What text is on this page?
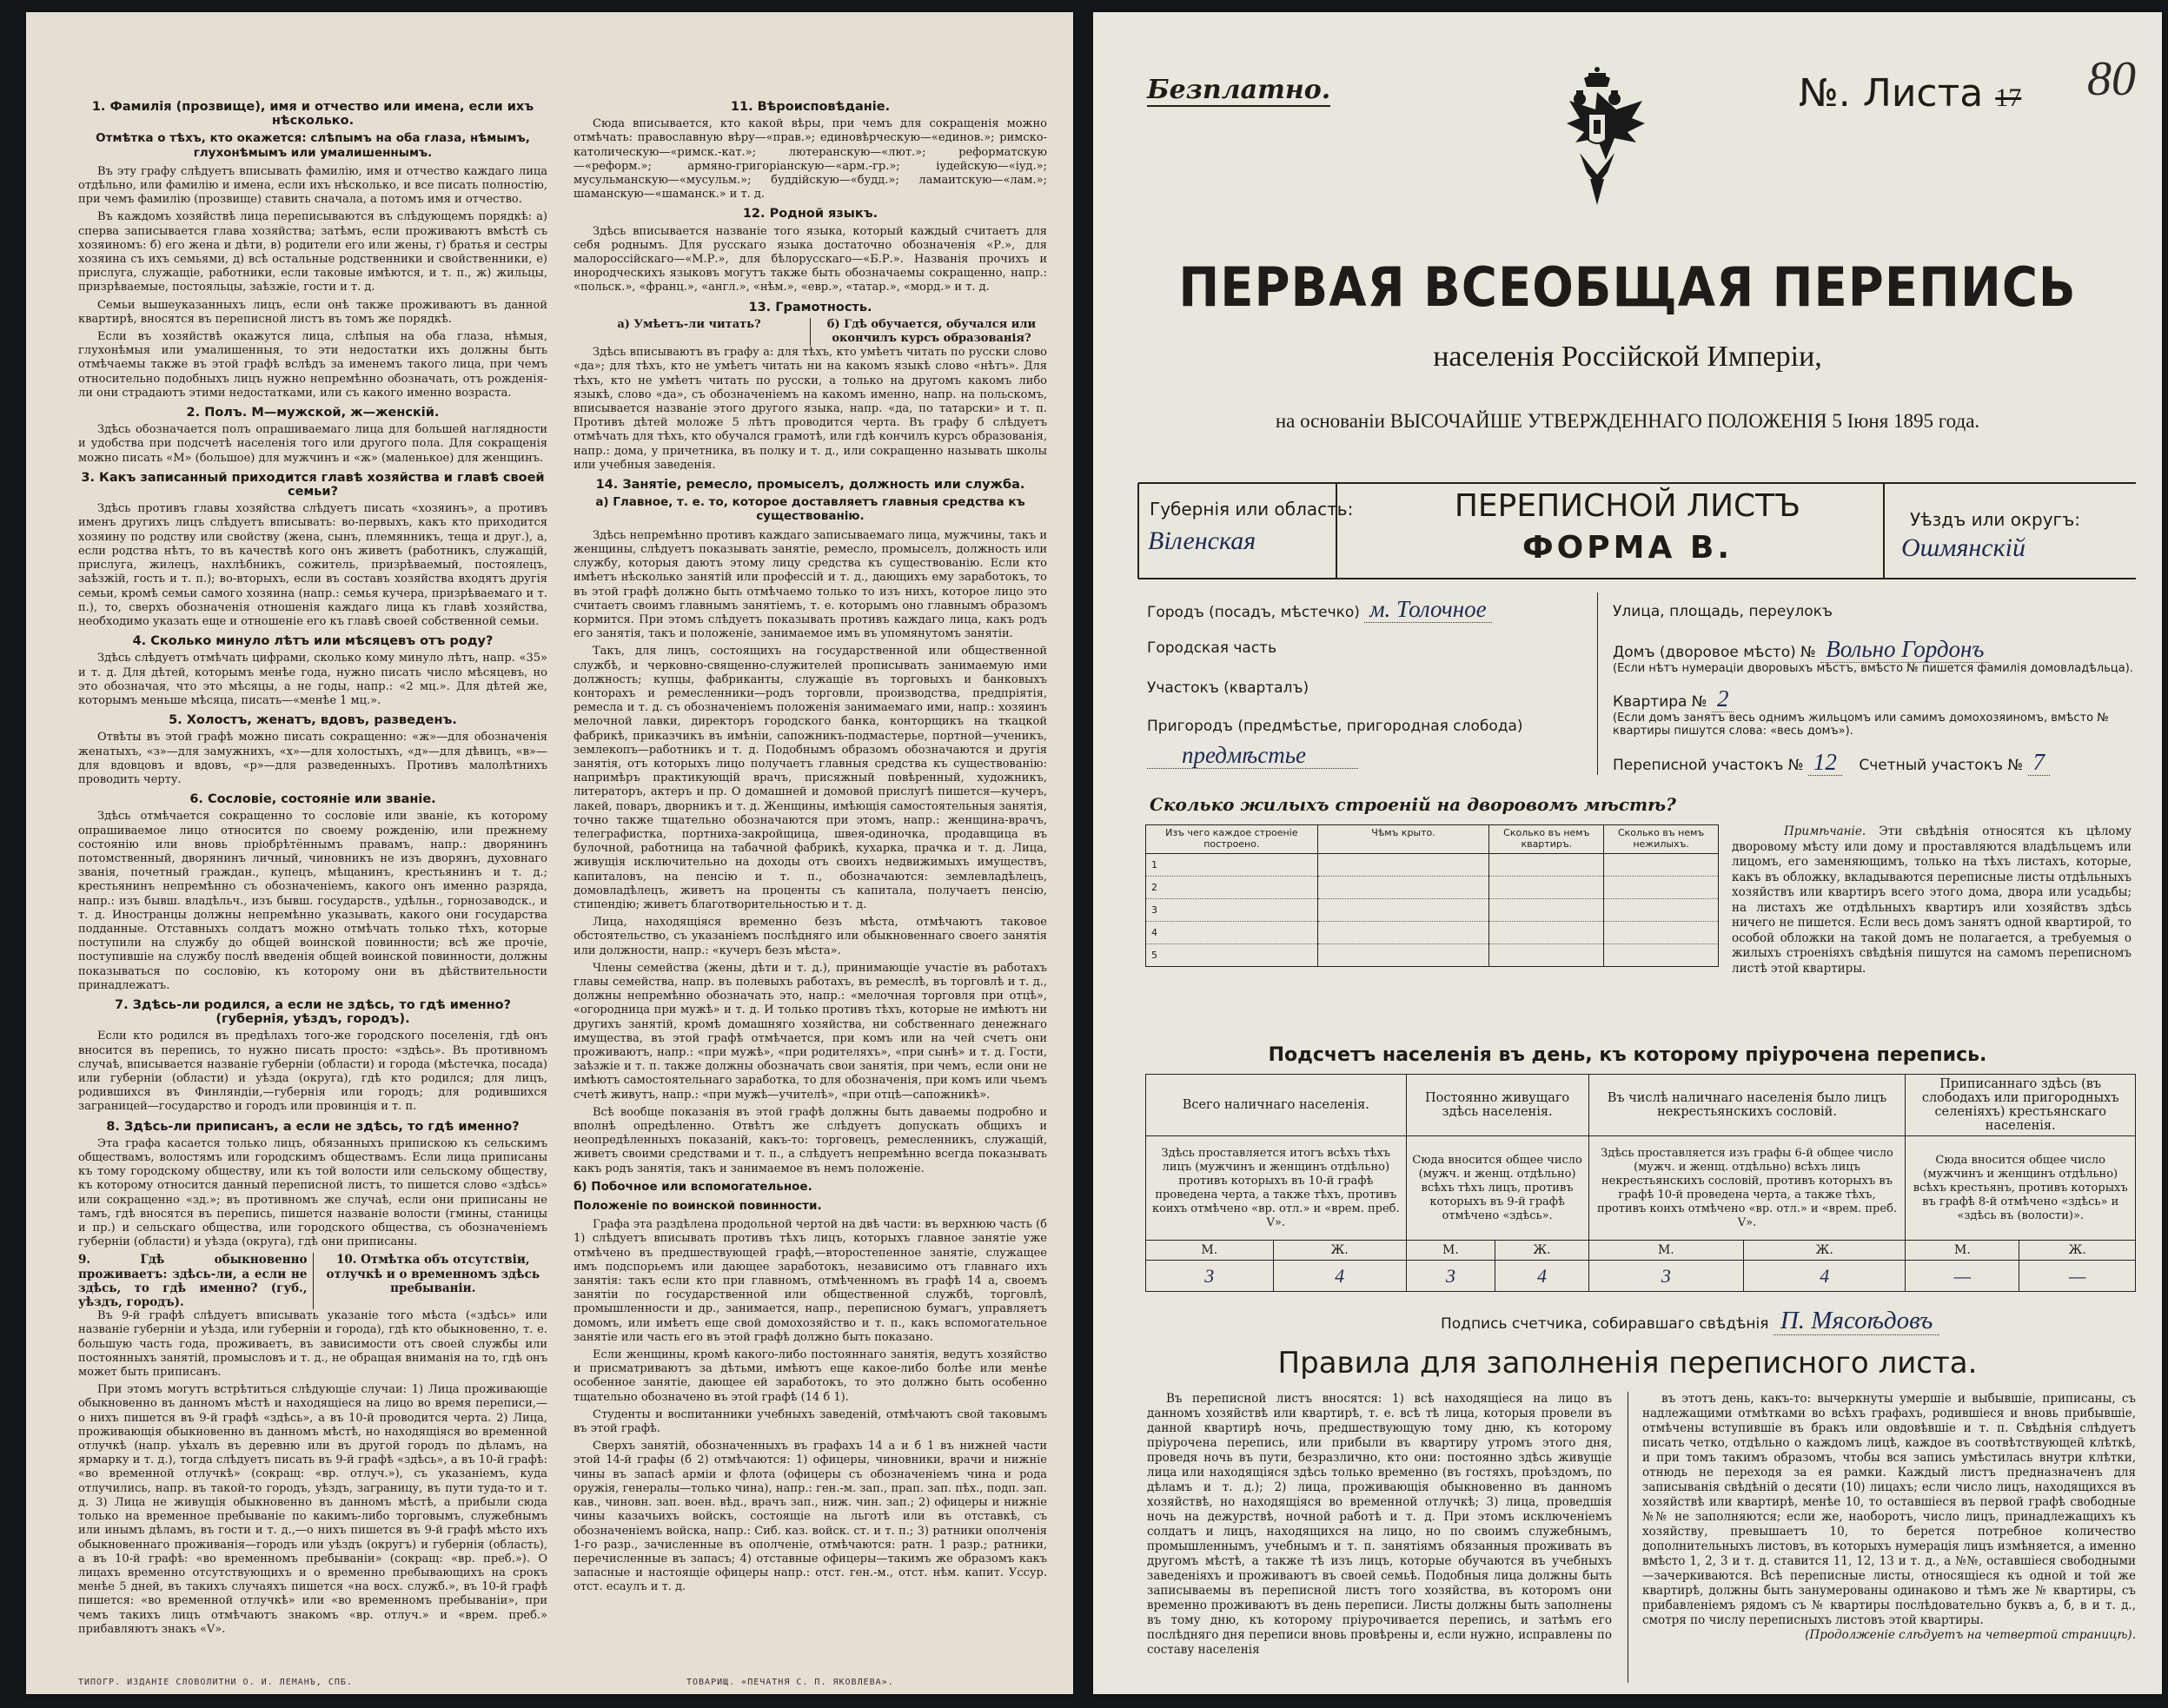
1. Фамилія (прозвище), имя и отчество или имена, если ихъ нѣсколько.
Отмѣтка о тѣхъ, кто окажется: слѣпымъ на оба глаза, нѣмымъ, глухонѣмымъ или умалишеннымъ.

Въ эту графу слѣдуетъ вписывать фамилію, имя и отчество каждаго лица отдѣльно, или фамилію и имена, если ихъ нѣсколько, и все писать полностію, при чемъ фамилію (прозвище) ставить сначала, а потомъ имя и отчество.

Въ каждомъ хозяйствѣ лица переписываются въ слѣдующемъ порядкѣ: а) сперва записывается глава хозяйства; затѣмъ, если проживаютъ вмѣстѣ съ хозяиномъ: б) его жена и дѣти, в) родители его или жены, г) братья и сестры хозяина съ ихъ семьями, д) всѣ остальные родственники и свойственники, е) прислуга, служащіе, работники, если таковые имѣются, и т. п., ж) жильцы, призрѣваемые, постояльцы, заѣзжіе, гости и т. д.

Семьи вышеуказанныхъ лицъ, если онѣ также проживаютъ въ данной квартирѣ, вносятся въ переписной листъ въ томъ же порядкѣ.

Если въ хозяйствѣ окажутся лица, слѣпыя на оба глаза, нѣмыя, глухонѣмыя или умалишенныя, то эти недостатки ихъ должны быть отмѣчаемы также въ этой графѣ вслѣдъ за именемъ такого лица, при чемъ относительно подобныхъ лицъ нужно непремѣнно обозначать, отъ рожденія-ли они страдаютъ этими недостатками, или съ какого именно возраста.

2. Полъ. М—мужской, ж—женскій.

Здѣсь обозначается полъ опрашиваемаго лица для большей наглядности и удобства при подсчетѣ населенія того или другого пола. Для сокращенія можно писать «М» (большое) для мужчинъ и «ж» (маленькое) для женщинъ.

3. Какъ записанный приходится главѣ хозяйства и главѣ своей семьи?

Здѣсь противъ главы хозяйства слѣдуетъ писать «хозяинъ», а противъ именъ другихъ лицъ слѣдуетъ вписывать: во-первыхъ, какъ кто приходится хозяину по родству или свойству (жена, сынъ, племянникъ, теща и друг.), а, если родства нѣтъ, то въ качествѣ кого онъ живетъ (работникъ, служащій, прислуга, жилецъ, нахлѣбникъ, сожитель, призрѣваемый, постоялецъ, заѣзжій, гость и т. п.); во-вторыхъ, если въ составъ хозяйства входятъ другія семьи, кромѣ семьи самого хозяина (напр.: семья кучера, призрѣваемаго и т. п.), то, сверхъ обозначенія отношенія каждаго лица къ главѣ хозяйства, необходимо указать еще и отношеніе его къ главѣ своей собственной семьи.

4. Сколько минуло лѣтъ или мѣсяцевъ отъ роду?

Здѣсь слѣдуетъ отмѣчать цифрами, сколько кому минуло лѣтъ, напр. «35» и т. д. Для дѣтей, которымъ менѣе года, нужно писать число мѣсяцевъ, но это обозначая, что это мѣсяцы, а не годы, напр.: «2 мц.». Для дѣтей же, которымъ меньше мѣсяца, писать—«менѣе 1 мц.».

5. Холостъ, женатъ, вдовъ, разведенъ.

Отвѣты въ этой графѣ можно писать сокращенно: «ж»—для обозначенія женатыхъ, «з»—для замужнихъ, «х»—для холостыхъ, «д»—для дѣвицъ, «в»—для вдовцовъ и вдовъ, «р»—для разведенныхъ. Противъ малолѣтнихъ проводить черту.

6. Сословіе, состояніе или званіе.

Здѣсь отмѣчается сокращенно то сословіе или званіе, къ которому опрашиваемое лицо относится по своему рожденію, или прежнему состоянію или вновь пріобрѣтённымъ правамъ, напр.: дворянинъ потомственный, дворянинъ личный, чиновникъ не изъ дворянъ, духовнаго званія, почетный граждан., купецъ, мѣщанинъ, крестьянинъ и т. д.; крестьянинъ непремѣнно съ обозначеніемъ, какого онъ именно разряда, напр.: изъ бывш. владѣльч., изъ бывш. государств., удѣльн., горнозаводск., и т. д. Иностранцы должны непремѣнно указывать, какого они государства подданные. Отставныхъ солдатъ можно отмѣчать только тѣхъ, которые поступили на службу до общей воинской повинности; всѣ же прочіе, поступившіе на службу послѣ введенія общей воинской повинности, должны показываться по сословію, къ которому они въ дѣйствительности принадлежатъ.

7. Здѣсь-ли родился, а если не здѣсь, то гдѣ именно? (губернія, уѣздъ, городъ).

Если кто родился въ предѣлахъ того-же городского поселенія, гдѣ онъ вносится въ перепись, то нужно писать просто: «здѣсь». Въ противномъ случаѣ, вписывается названіе губерніи (области) и города (мѣстечка, посада) или губерніи (области) и уѣзда (округа), гдѣ кто родился; для лицъ, родившихся въ Финляндіи,—губернія или городъ; для родившихся заграницей—государство и городъ или провинція и т. п.

8. Здѣсь-ли приписанъ, а если не здѣсь, то гдѣ именно?

Эта графа касается только лицъ, обязанныхъ припискою къ сельскимъ обществамъ, волостямъ или городскимъ обществамъ. Если лица приписаны къ тому городскому обществу, или къ той волости или сельскому обществу, къ которому относится данный переписной листъ, то пишется слово «здѣсь» или сокращенно «зд.»; въ противномъ же случаѣ, если они приписаны не тамъ, гдѣ вносятся въ перепись, пишется названіе волости (гмины, станицы и пр.) и сельскаго общества, или городского общества, съ обозначеніемъ губерніи (области) и уѣзда (округа), гдѣ они приписаны.

9. Гдѣ обыкновенно проживаетъ: здѣсь-ли, а если не здѣсь, то гдѣ именно? (губ., уѣздъ, городъ).
10. Отмѣтка объ отсутствіи, отлучкѣ и о временномъ здѣсь пребываніи.

Въ 9-й графѣ слѣдуетъ вписывать указаніе того мѣста («здѣсь» или названіе губерніи и уѣзда, или губерніи и города), гдѣ кто обыкновенно, т. е. большую часть года, проживаетъ, въ зависимости отъ своей службы или постоянныхъ занятій, промысловъ и т. д., не обращая вниманія на то, гдѣ онъ может быть приписанъ.

При этомъ могутъ встрѣтиться слѣдующіе случаи: 1) Лица проживающіе обыкновенно въ данномъ мѣстѣ и находящіеся на лицо во время переписи,—о нихъ пишется въ 9-й графѣ «здѣсь», а въ 10-й проводится черта. 2) Лица, проживающія обыкновенно въ данномъ мѣстѣ, но находящіяся во временной отлучкѣ (напр. уѣхалъ въ деревню или въ другой городъ по дѣламъ, на ярмарку и т. д.), тогда слѣдуетъ писать въ 9-й графѣ «здѣсь», а въ 10-й графѣ: «во временной отлучкѣ» (сокращ: «вр. отлуч.»), съ указаніемъ, куда отлучились, напр. въ такой-то городъ, уѣздъ, заграницу, въ пути туда-то и т. д. 3) Лица не живущія обыкновенно въ данномъ мѣстѣ, а прибыли сюда только на временное пребываніе по какимъ-либо торговымъ, служебнымъ или инымъ дѣламъ, въ гости и т. д.,—о нихъ пишется въ 9-й графѣ мѣсто ихъ обыкновеннаго проживанія—городъ или уѣздъ (округъ) и губернія (область), а въ 10-й графѣ: «во временномъ пребываніи» (сокращ: «вр. преб.»). О лицахъ временно отсутствующихъ и о временно пребывающихъ на срокъ менѣе 5 дней, въ такихъ случаяхъ пишется «на восх. служб.», въ 10-й графѣ пишется: «во временной отлучкѣ» или «во временномъ пребываніи», при чемъ такихъ лицъ отмѣчаютъ знакомъ «вр. отлуч.» и «врем. преб.» прибавляютъ знакъ «V».

11. Вѣроисповѣданіе.

Сюда вписывается, кто какой вѣры, при чемъ для сокращенія можно отмѣчать: православную вѣру—«прав.»; единовѣрческую—«единов.»; римско-католическую—«римск.-кат.»; лютеранскую—«лют.»; реформатскую—«реформ.»; армяно-григоріанскую—«арм.-гр.»; іудейскую—«іуд.»; мусульманскую—«мусульм.»; буддійскую—«будд.»; ламаитскую—«лам.»; шаманскую—«шаманск.» и т. д.

12. Родной языкъ.

Здѣсь вписывается названіе того языка, который каждый считаетъ для себя роднымъ. Для русскаго языка достаточно обозначенія «Р.», для малороссійскаго—«М.Р.», для бѣлорусскаго—«Б.Р.». Названія прочихъ и инородческихъ языковъ могутъ также быть обозначаемы сокращенно, напр.: «польск.», «франц.», «англ.», «нѣм.», «евр.», «татар.», «морд.» и т. д.

13. Грамотность.
а) Умѣетъ-ли читать?	б) Гдѣ обучается, обучался или окончилъ курсъ образованія?

Здѣсь вписываютъ въ графу а: для тѣхъ, кто умѣетъ читать по русски слово «да»; для тѣхъ, кто не умѣетъ читать ни на какомъ языкѣ слово «нѣтъ». Для тѣхъ, кто не умѣетъ читать по русски, а только на другомъ какомъ либо языкѣ, слово «да», съ обозначеніемъ на какомъ именно, напр. на польскомъ, вписывается названіе этого другого языка, напр. «да, по татарски» и т. п. Противъ дѣтей моложе 5 лѣтъ проводится черта. Въ графу б слѣдуетъ отмѣчать для тѣхъ, кто обучался грамотѣ, или гдѣ кончилъ курсъ образованія, напр.: дома, у причетника, въ полку и т. д., или сокращенно называть школы или учебныя заведенія.

14. Занятіе, ремесло, промыселъ, должность или служба.
а) Главное, т. е. то, которое доставляетъ главныя средства къ существованію.

Здѣсь непремѣнно противъ каждаго записываемаго лица, мужчины, такъ и женщины, слѣдуетъ показывать занятіе, ремесло, промыселъ, должность или службу, которыя даютъ этому лицу средства къ существованію. Если кто имѣетъ нѣсколько занятій или профессій и т. д., дающихъ ему заработокъ, то въ этой графѣ должно быть отмѣчаемо только то изъ нихъ, которое лицо это считаетъ своимъ главнымъ занятіемъ, т. е. которымъ оно главнымъ образомъ кормится. При этомъ слѣдуетъ показывать противъ каждаго лица, какъ родъ его занятія, такъ и положеніе, занимаемое имъ въ упомянутомъ занятіи.

Такъ, для лицъ, состоящихъ на государственной или общественной службѣ, и черковно-священно-служителей прописывать занимаемую ими должность; купцы, фабриканты, служащіе въ торговыхъ и банковыхъ конторахъ и ремесленники—родъ торговли, производства, предпріятія, ремесла и т. д. съ обозначеніемъ положенія занимаемаго ими, напр.: хозяинъ мелочной лавки, директоръ городского банка, конторщикъ на ткацкой фабрикѣ, приказчикъ въ имѣніи, сапожникъ-подмастерье, портной—ученикъ, землекопъ—работникъ и т. д. Подобнымъ образомъ обозначаются и другія занятія, отъ которыхъ лицо получаетъ главныя средства къ существованію: напримѣръ практикующій врачъ, присяжный повѣренный, художникъ, литераторъ, актеръ и пр. О домашней и домовой прислугѣ пишется—кучеръ, лакей, поваръ, дворникъ и т. д. Женщины, имѣющія самостоятельныя занятія, точно также тщательно обозначаются при этомъ, напр.: женщина-врачъ, телеграфистка, портниха-закройщица, швея-одиночка, продавщица въ булочной, работница на табачной фабрикѣ, кухарка, прачка и т. д. Лица, живущія исключительно на доходы отъ своихъ недвижимыхъ имуществъ, капиталовъ, на пенсію и т. п., обозначаются: землевладѣлецъ, домовладѣлецъ, живетъ на проценты съ капитала, получаетъ пенсію, стипендію; живетъ благотворительностью и т. д.

Лица, находящіяся временно безъ мѣста, отмѣчаютъ таковое обстоятельство, съ указаніемъ послѣдняго или обыкновеннаго своего занятія или должности, напр.: «кучеръ безъ мѣста».

Члены семейства (жены, дѣти и т. д.), принимающіе участіе въ работахъ главы семейства, напр. въ полевыхъ работахъ, въ ремеслѣ, въ торговлѣ и т. д., должны непремѣнно обозначать это, напр.: «мелочная торговля при отцѣ», «огородница при мужѣ» и т. д. И только противъ тѣхъ, которые не имѣютъ ни другихъ занятій, кромѣ домашняго хозяйства, ни собственнаго денежнаго имущества, въ этой графѣ отмѣчается, при комъ или на чей счетъ они проживаютъ, напр.: «при мужѣ», «при родителяхъ», «при сынѣ» и т. д. Гости, заѣзжіе и т. п. также должны обозначать свои занятія, при чемъ, если они не имѣютъ самостоятельнаго заработка, то для обозначенія, при комъ или чьемъ счетѣ живутъ, напр.: «при мужѣ—учителѣ», «при отцѣ—сапожникѣ».

Всѣ вообще показанія въ этой графѣ должны быть даваемы подробно и вполнѣ опредѣленно. Отвѣтъ же слѣдуетъ допускать общихъ и неопредѣленныхъ показаній, какъ-то: торговецъ, ремесленникъ, служащій, живетъ своими средствами и т. п., а слѣдуетъ непремѣнно всегда показывать какъ родъ занятія, такъ и занимаемое въ немъ положеніе.

б) Побочное или вспомогательное.
Положеніе по воинской повинности.

Графа эта раздѣлена продольной чертой на двѣ части: въ верхнюю часть (б 1) слѣдуетъ вписывать противъ тѣхъ лицъ, которыхъ главное занятіе уже отмѣчено въ предшествующей графѣ,—второстепенное занятіе, служащее имъ подспорьемъ или дающее заработокъ, независимо отъ главнаго ихъ занятія: такъ если кто при главномъ, отмѣченномъ въ графѣ 14 а, своемъ занятіи по государственной или общественной службѣ, торговлѣ, промышленности и др., занимается, напр., переписною бумагъ, управляетъ домомъ, или имѣетъ еще свой домохозяйство и т. п., какъ вспомогательное занятіе или часть его въ этой графѣ должно быть показано.

Если женщины, кромѣ какого-либо постояннаго занятія, ведутъ хозяйство и присматриваютъ за дѣтьми, имѣютъ еще какое-либо болѣе или менѣе особенное занятіе, дающее ей заработокъ, то это должно быть особенно тщательно обозначено въ этой графѣ (14 б 1).

Студенты и воспитанники учебныхъ заведеній, отмѣчаютъ свой таковымъ въ этой графѣ.

Сверхъ занятій, обозначенныхъ въ графахъ 14 а и б 1 въ нижней части этой 14-й графы (б 2) отмѣчаются: 1) офицеры, чиновники, врачи и нижніе чины въ запасѣ арміи и флота (офицеры съ обозначеніемъ чина и рода оружія, генералы—только чина), напр.: ген.-м. зап., прап. зап. пѣх., подп. зап. кав., чиновн. зап. воен. вѣд., врачъ зап., ниж. чин. зап.; 2) офицеры и нижніе чины казачьихъ войскъ, состоящіе на льготѣ или въ отставкѣ, съ обозначеніемъ войска, напр.: Сиб. каз. войск. ст. и т. п.; 3) ратники ополченія 1-го разр., зачисленные въ ополченіе, отмѣчаются: ратн. 1 разр.; ратники, перечисленные въ запасъ; 4) отставные офицеры—такимъ же образомъ какъ запасные и настоящіе офицеры напр.: отст. ген.-м., отст. нѣм. капит. Уссур. отст. есаулъ и т. д.

ТИПОГР. ИЗДАНІЕ СЛОВОЛИТНИ О. И. ЛЕМАНЪ, СПБ.	ТОВАРИЩ. «ПЕЧАТНЯ С. П. ЯКОВЛЕВА».
Безплатно.	№. Листа 17 80
ПЕРВАЯ ВСЕОБЩАЯ ПЕРЕПИСЬ
населенія Россійской Имперіи,
на основаніи ВЫСОЧАЙШЕ УТВЕРЖДЕННАГО ПОЛОЖЕНІЯ 5 Іюня 1895 года.
Губернія или область:
Віленская
ПЕРЕПИСНОЙ ЛИСТЪ
ФОРМА В.
Уѣздъ или округъ:
Ошмянскій
Городъ (посадъ, мѣстечко) м. Толочное
Городская часть
Участокъ (кварталъ)
Пригородъ (предмѣстье, пригородная слобода)
предмѣстье
Улица, площадь, переулокъ
Домъ (дворовое мѣсто) № Вольно Гордонъ
(Если нѣтъ нумераціи дворовыхъ мѣстъ, вмѣсто № пишется фамилія домовладѣльца).
Квартира № 2
(Если домъ занятъ весь однимъ жильцомъ или самимъ домохозяиномъ, вмѣсто № квартиры пишутся слова: «весь домъ»).
Переписной участокъ № 12 Счетный участокъ № 7
Сколько жилыхъ строеній на дворовомъ мѣстѣ?
Изъ чего каждое строеніе построено.	Чѣмъ крыто.	Сколько въ немъ квартиръ.	Сколько въ немъ нежилыхъ.
1			
2			
3			
4			
5			
Примѣчаніе. Эти свѣдѣнія относятся къ цѣлому дворовому мѣсту или дому и проставляются владѣльцемъ или лицомъ, его заменяющимъ, только на тѣхъ листахъ, которые, какъ въ обложку, вкладываются переписные листы отдѣльныхъ хозяйствъ или квартиръ всего этого дома, двора или усадьбы; на листахъ же отдѣльныхъ квартиръ или хозяйствъ здѣсь ничего не пишется. Если весь домъ занятъ одной квартирой, то особой обложки на такой домъ не полагается, а требуемыя о жилыхъ строеніяхъ свѣдѣнія пишутся на самомъ переписномъ листѣ этой квартиры.
Подсчетъ населенія въ день, къ которому пріурочена перепись.
Всего наличнаго населенія.		Постоянно живущаго здѣсь населенія.		Въ числѣ наличнаго населенія было лицъ некрестьянскихъ сословій.		Приписаннаго здѣсь (въ слободахъ или пригородныхъ селеніяхъ) крестьянскаго населенія.	
Здѣсь проставляется итогъ всѣхъ тѣхъ лицъ (мужчинъ и женщинъ отдѣльно) противъ которыхъ въ 10-й графѣ проведена черта, а также тѣхъ, противъ коихъ отмѣчено «вр. отл.» и «врем. преб. V».		Сюда вносится общее число (мужч. и женщ. отдѣльно) всѣхъ тѣхъ лицъ, противъ которыхъ въ 9-й графѣ отмѣчено «здѣсь».		Здѣсь проставляется изъ графы 6-й общее число (мужч. и женщ. отдѣльно) всѣхъ лицъ некрестьянскихъ сословій, противъ которыхъ въ графѣ 10-й проведена черта, а также тѣхъ, противъ коихъ отмѣчено «вр. отл.» и «врем. преб. V».		Сюда вносится общее число (мужчинъ и женщинъ отдѣльно) всѣхъ крестьянъ, противъ которыхъ въ графѣ 8-й отмѣчено «здѣсь» и «здѣсь въ (волости)».	
М.	Ж.	М.	Ж.	М.	Ж.	М.	Ж.
3	4	3	4	3	4	—	—
Подпись счетчика, собиравшаго свѣдѣнія П. Мясоѣдовъ
Правила для заполненія переписного листа.

Въ переписной листъ вносятся: 1) всѣ находящіеся на лицо въ данномъ хозяйствѣ или квартирѣ, т. е. всѣ тѣ лица, которыя провели въ данной квартирѣ ночь, предшествующую тому дню, къ которому пріурочена перепись, или прибыли въ квартиру утромъ этого дня, проведя ночь въ пути, безразлично, кто они: постоянно здѣсь живущіе лица или находящіяся здѣсь только временно (въ гостяхъ, проѣздомъ, по дѣламъ и т. д.); 2) лица, проживающія обыкновенно въ данномъ хозяйствѣ, но находящіяся во временной отлучкѣ; 3) лица, проведшія ночь на дежурствѣ, ночной работѣ и т. д. При этомъ исключеніемъ солдатъ и лицъ, находящихся на лицо, но по своимъ служебнымъ, промышленнымъ, учебнымъ и т. п. занятіямъ обязанныя проживать въ другомъ мѣстѣ, а также тѣ изъ лицъ, которые обучаются въ учебныхъ заведеніяхъ и проживаютъ въ своей семьѣ. Подобныя лица должны быть записываемы въ переписной листъ того хозяйства, въ которомъ они временно проживаютъ въ день переписи. Листы должны быть заполнены въ тому дню, къ которому пріурочивается перепись, и затѣмъ его послѣдняго дня переписи вновь провѣрены и, если нужно, исправлены по составу населенія

въ этотъ день, какъ-то: вычеркнуты умершіе и выбывшіе, приписаны, съ надлежащими отмѣтками во всѣхъ графахъ, родившіеся и вновь прибывшіе, отмѣчены вступившіе въ бракъ или овдовѣвшіе и т. п. Свѣдѣнія слѣдуетъ писать четко, отдѣльно о каждомъ лицѣ, каждое въ соотвѣтствующей клѣткѣ, и при томъ такимъ образомъ, чтобы вся запись умѣстилась внутри клѣтки, отнюдь не переходя за ея рамки. Каждый листъ предназначенъ для записыванія свѣдѣній о десяти (10) лицахъ; если число лицъ, находящихся въ хозяйствѣ или квартирѣ, менѣе 10, то оставшіеся въ первой графѣ свободные №№ не заполняются; если же, наоборотъ, число лицъ, принадлежащихъ къ хозяйству, превышаетъ 10, то берется потребное количество дополнительныхъ листовъ, въ которыхъ нумерація лицъ измѣняется, а именно вмѣсто 1, 2, 3 и т. д. ставится 11, 12, 13 и т. д., а №№, оставшіеся свободными—зачеркиваются. Всѣ переписные листы, относящіеся къ одной и той же квартирѣ, должны быть занумерованы одинаково и тѣмъ же № квартиры, съ прибавленіемъ рядомъ съ № квартиры послѣдовательно буквъ а, б, в и т. д., смотря по числу переписныхъ листовъ этой квартиры.

(Продолженіе слѣдуетъ на четвертой страницѣ).
